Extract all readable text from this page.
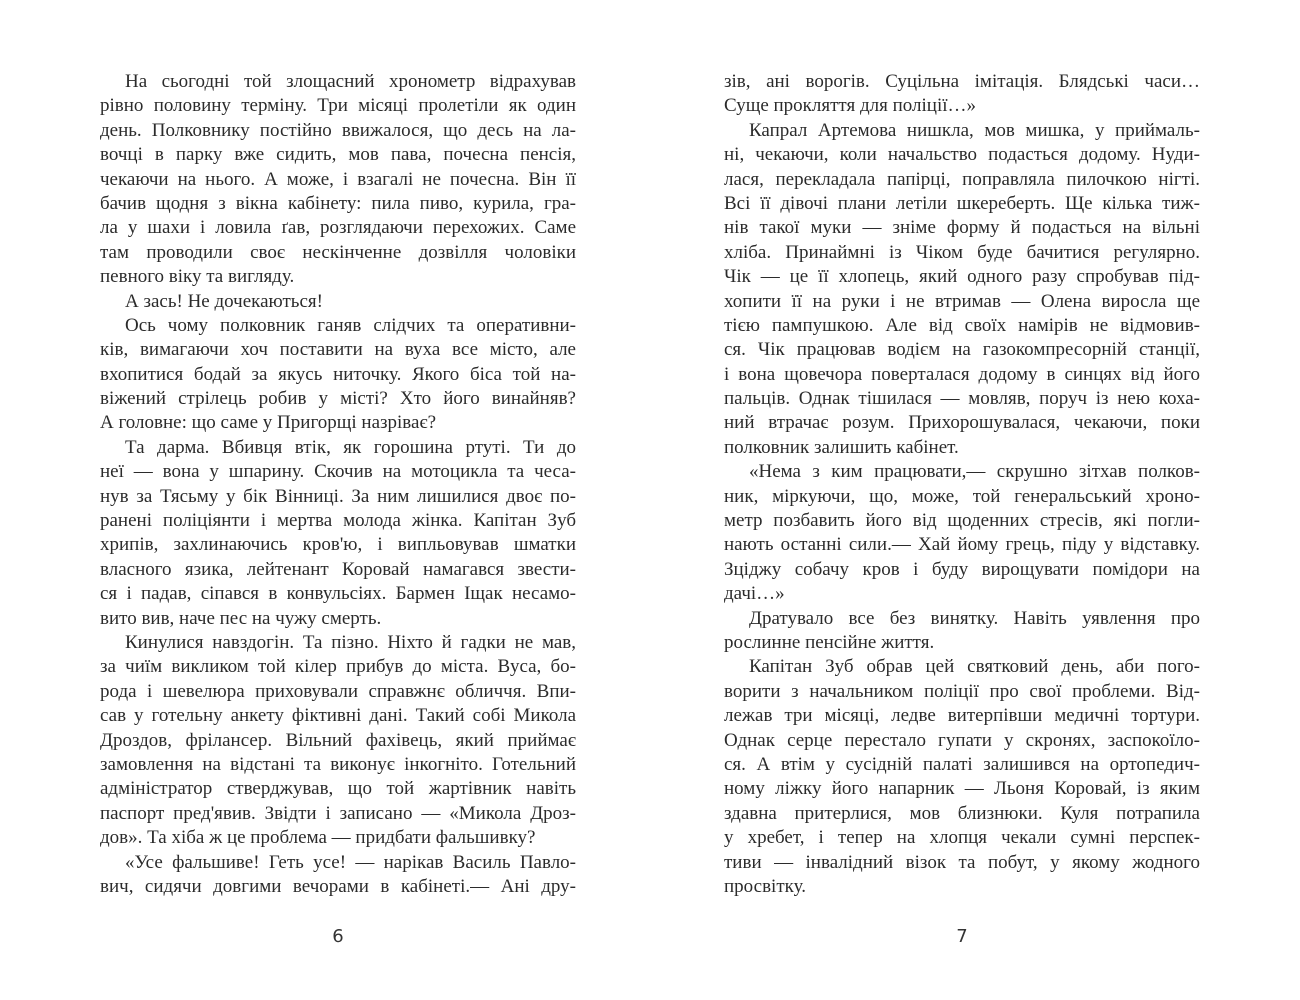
На сьогодні той злощасний хронометр відрахував
рівно половину терміну. Три місяці пролетіли як один
день. Полковнику постійно ввижалося, що десь на ла-
вочці в парку вже сидить, мов пава, почесна пенсія,
чекаючи на нього. А може, і взагалі не почесна. Він її
бачив щодня з вікна кабінету: пила пиво, курила, гра-
ла у шахи і ловила ґав, розглядаючи перехожих. Саме
там проводили своє нескінченне дозвілля чоловіки
певного віку та вигляду.
А зась! Не дочекаються!
Ось чому полковник ганяв слідчих та оперативни-
ків, вимагаючи хоч поставити на вуха все місто, але
вхопитися бодай за якусь ниточку. Якого біса той на-
віжений стрілець робив у місті? Хто його винайняв?
А головне: що саме у Пригорщі назріває?
Та дарма. Вбивця втік, як горошина ртуті. Ти до
неї — вона у шпарину. Скочив на мотоцикла та чеса-
нув за Тясьму у бік Вінниці. За ним лишилися двоє по-
ранені поліціянти і мертва молода жінка. Капітан Зуб
хрипів, захлинаючись кров'ю, і випльовував шматки
власного язика, лейтенант Коровай намагався звести-
ся і падав, сіпався в конвульсіях. Бармен Іщак несамо-
вито вив, наче пес на чужу смерть.
Кинулися навздогін. Та пізно. Ніхто й гадки не мав,
за чиїм викликом той кілер прибув до міста. Вуса, бо-
рода і шевелюра приховували справжнє обличчя. Впи-
сав у готельну анкету фіктивні дані. Такий собі Микола
Дроздов, фрілансер. Вільний фахівець, який приймає
замовлення на відстані та виконує інкогніто. Готельний
адміністратор стверджував, що той жартівник навіть
паспорт пред'явив. Звідти і записано — «Микола Дроз-
дов». Та хіба ж це проблема — придбати фальшивку?
«Усе фальшиве! Геть усе! — нарікав Василь Павло-
вич, сидячи довгими вечорами в кабінеті.— Ані дру-
зів, ані ворогів. Суцільна імітація. Блядські часи…
Суще прокляття для поліції…»
Капрал Артемова нишкла, мов мишка, у приймаль-
ні, чекаючи, коли начальство подасться додому. Нуди-
лася, перекладала папірці, поправляла пилочкою нігті.
Всі її дівочі плани летіли шкереберть. Ще кілька тиж-
нів такої муки — зніме форму й подасться на вільні
хліба. Принаймні із Чіком буде бачитися регулярно.
Чік — це її хлопець, який одного разу спробував під-
хопити її на руки і не втримав — Олена виросла ще
тією пампушкою. Але від своїх намірів не відмовив-
ся. Чік працював водієм на газокомпресорній станції,
і вона щовечора поверталася додому в синцях від його
пальців. Однак тішилася — мовляв, поруч із нею коха-
ний втрачає розум. Прихорошувалася, чекаючи, поки
полковник залишить кабінет.
«Нема з ким працювати,— скрушно зітхав полков-
ник, міркуючи, що, може, той генеральський хроно-
метр позбавить його від щоденних стресів, які погли-
нають останні сили.— Хай йому грець, піду у відставку.
Зціджу собачу кров і буду вирощувати помідори на
дачі…»
Дратувало все без винятку. Навіть уявлення про
рослинне пенсійне життя.
Капітан Зуб обрав цей святковий день, аби пого-
ворити з начальником поліції про свої проблеми. Від-
лежав три місяці, ледве витерпівши медичні тортури.
Однак серце перестало гупати у скронях, заспокоїло-
ся. А втім у сусідній палаті залишився на ортопедич-
ному ліжку його напарник — Льоня Коровай, із яким
здавна притерлися, мов близнюки. Куля потрапила
у хребет, і тепер на хлопця чекали сумні перспек-
тиви — інвалідний візок та побут, у якому жодного
просвітку.
6	7
